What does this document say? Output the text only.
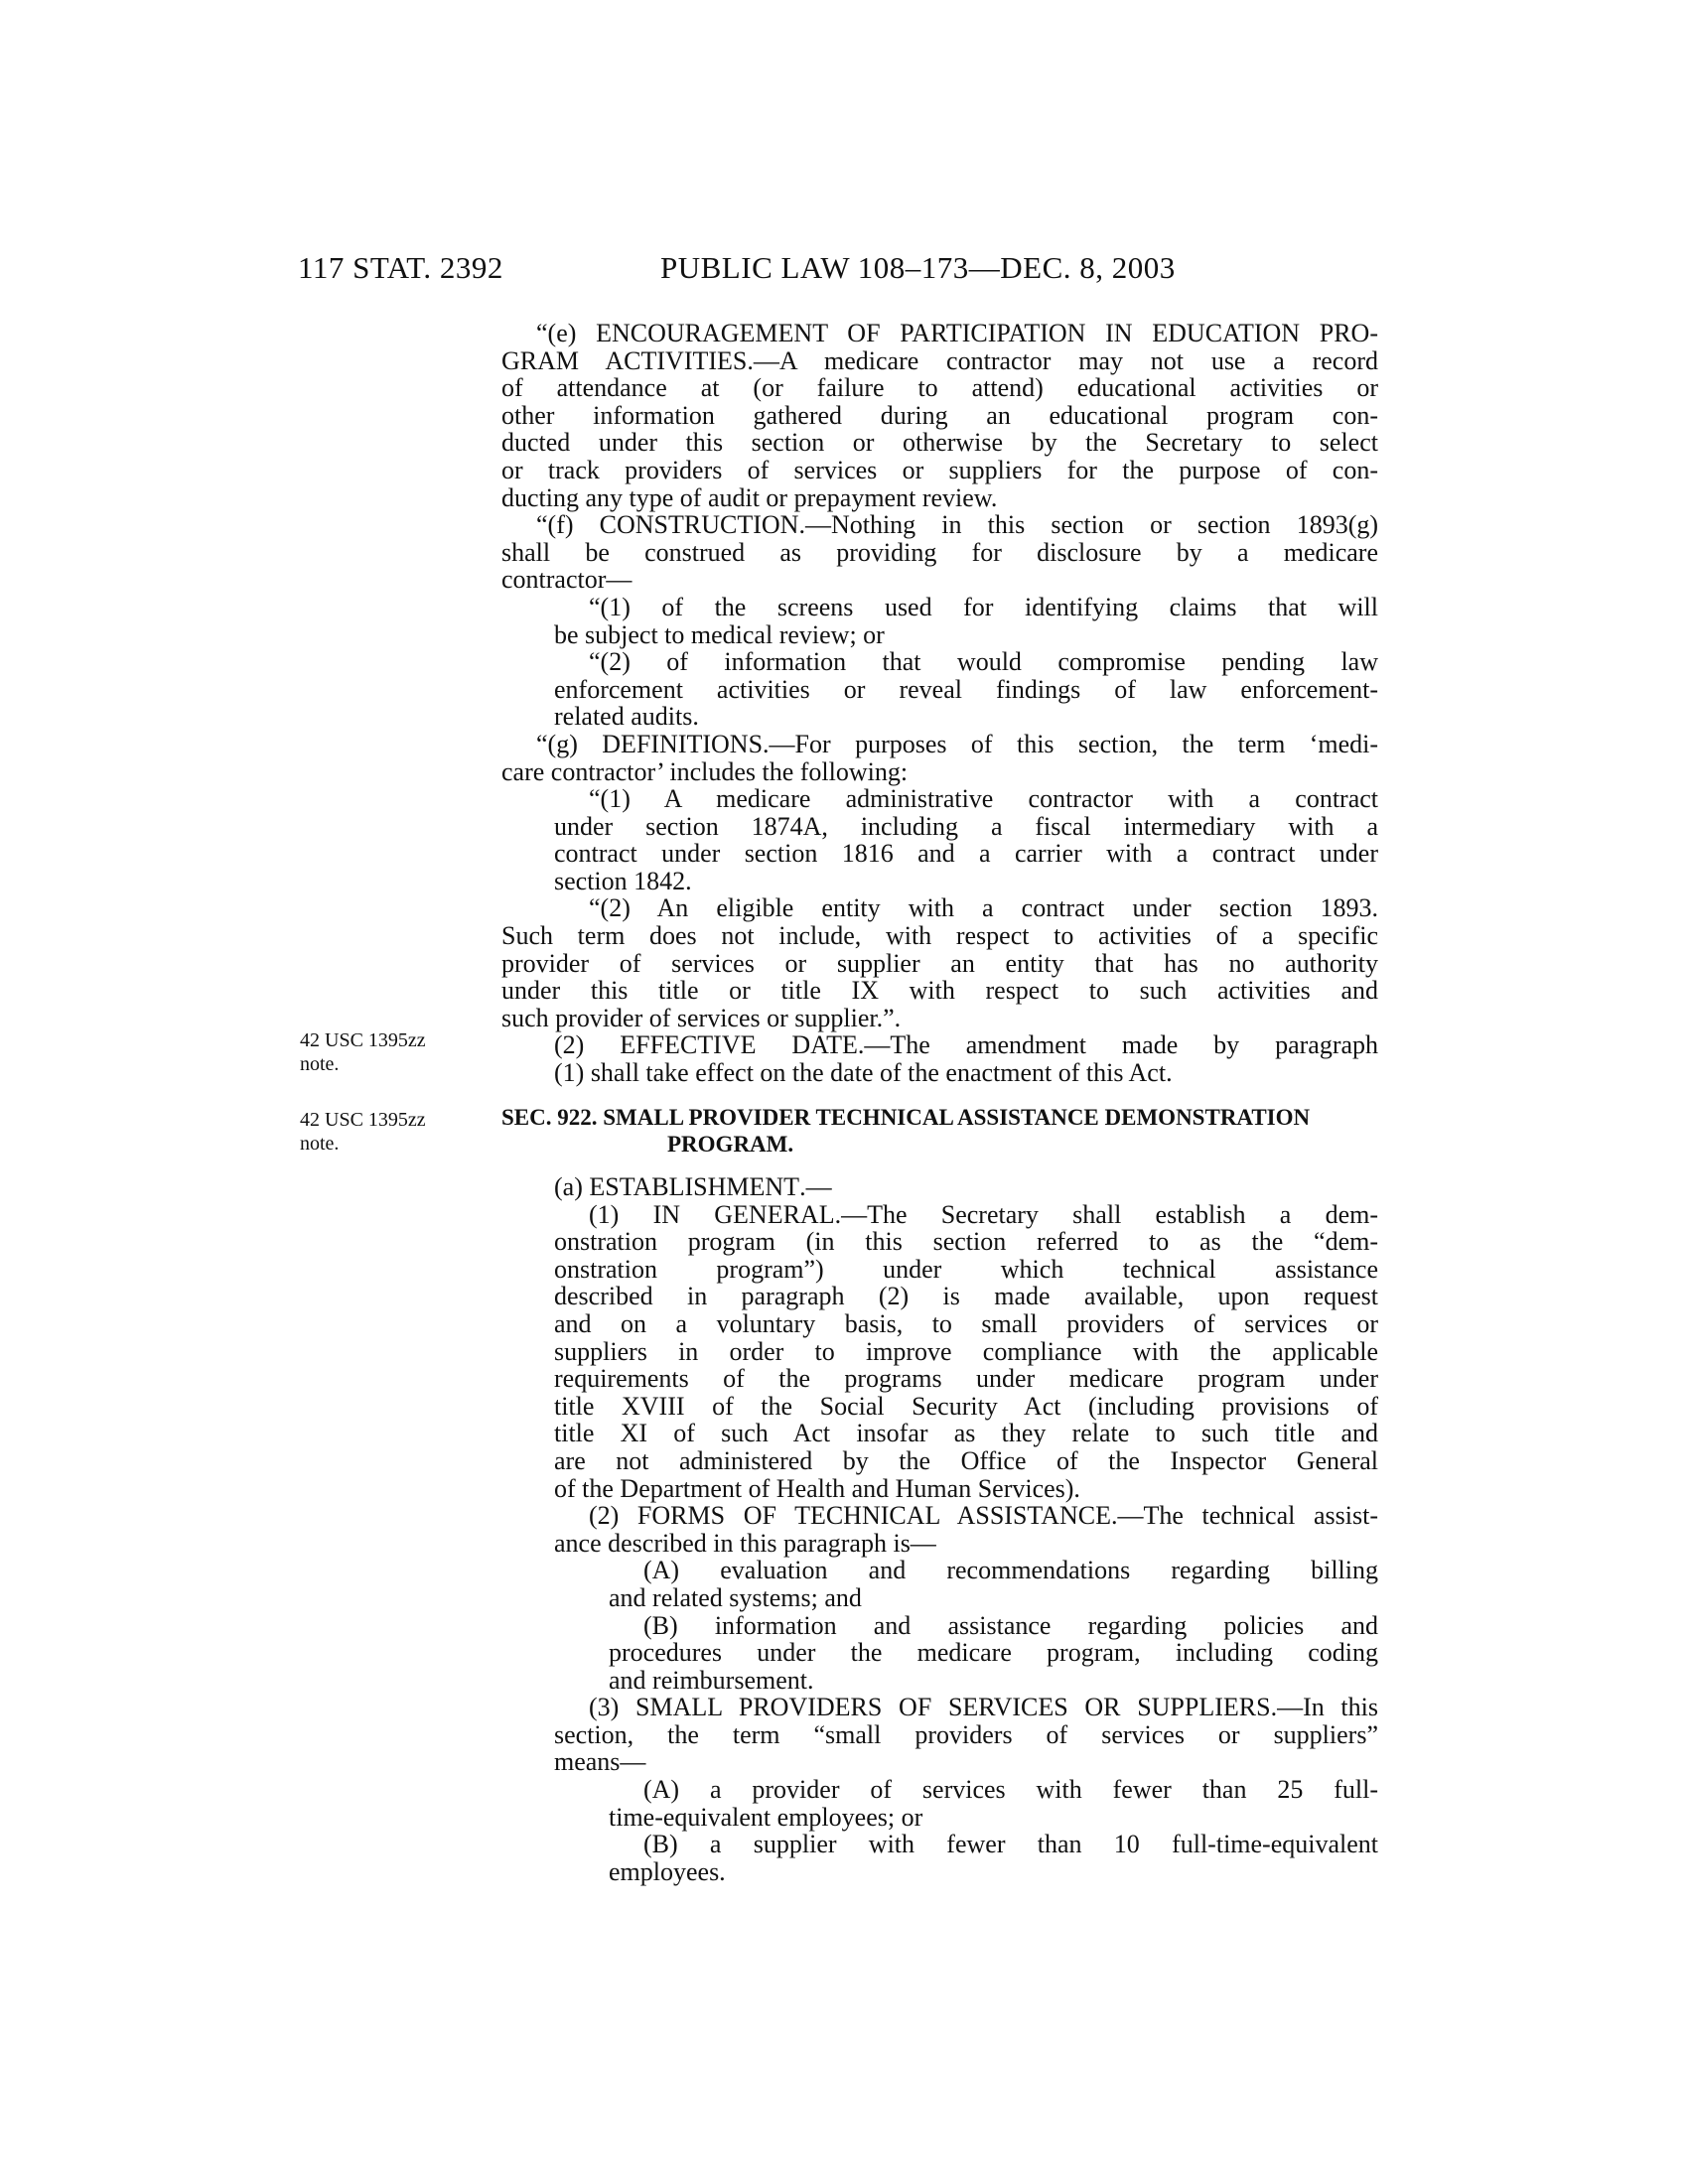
117 STAT. 2392	PUBLIC LAW 108–173—DEC. 8, 2003
42 USC 1395zz
note.
42 USC 1395zz
note.
“(e) ENCOURAGEMENT OF PARTICIPATION IN EDUCATION PRO-
GRAM ACTIVITIES.—A medicare contractor may not use a record
of attendance at (or failure to attend) educational activities or
other information gathered during an educational program con-
ducted under this section or otherwise by the Secretary to select
or track providers of services or suppliers for the purpose of con-
ducting any type of audit or prepayment review.
“(f) CONSTRUCTION.—Nothing in this section or section 1893(g)
shall be construed as providing for disclosure by a medicare
contractor—
“(1) of the screens used for identifying claims that will
be subject to medical review; or
“(2) of information that would compromise pending law
enforcement activities or reveal findings of law enforcement-
related audits.
“(g) DEFINITIONS.—For purposes of this section, the term ‘medi-
care contractor’ includes the following:
“(1) A medicare administrative contractor with a contract
under section 1874A, including a fiscal intermediary with a
contract under section 1816 and a carrier with a contract under
section 1842.
“(2) An eligible entity with a contract under section 1893.
Such term does not include, with respect to activities of a specific
provider of services or supplier an entity that has no authority
under this title or title IX with respect to such activities and
such provider of services or supplier.”.
(2) EFFECTIVE DATE.—The amendment made by paragraph
(1) shall take effect on the date of the enactment of this Act.
SEC. 922. SMALL PROVIDER TECHNICAL ASSISTANCE DEMONSTRATION
PROGRAM.
(a) ESTABLISHMENT.—
(1) IN GENERAL.—The Secretary shall establish a dem-
onstration program (in this section referred to as the “dem-
onstration program”) under which technical assistance
described in paragraph (2) is made available, upon request
and on a voluntary basis, to small providers of services or
suppliers in order to improve compliance with the applicable
requirements of the programs under medicare program under
title XVIII of the Social Security Act (including provisions of
title XI of such Act insofar as they relate to such title and
are not administered by the Office of the Inspector General
of the Department of Health and Human Services).
(2) FORMS OF TECHNICAL ASSISTANCE.—The technical assist-
ance described in this paragraph is—
(A) evaluation and recommendations regarding billing
and related systems; and
(B) information and assistance regarding policies and
procedures under the medicare program, including coding
and reimbursement.
(3) SMALL PROVIDERS OF SERVICES OR SUPPLIERS.—In this
section, the term “small providers of services or suppliers”
means—
(A) a provider of services with fewer than 25 full-
time-equivalent employees; or
(B) a supplier with fewer than 10 full-time-equivalent
employees.
